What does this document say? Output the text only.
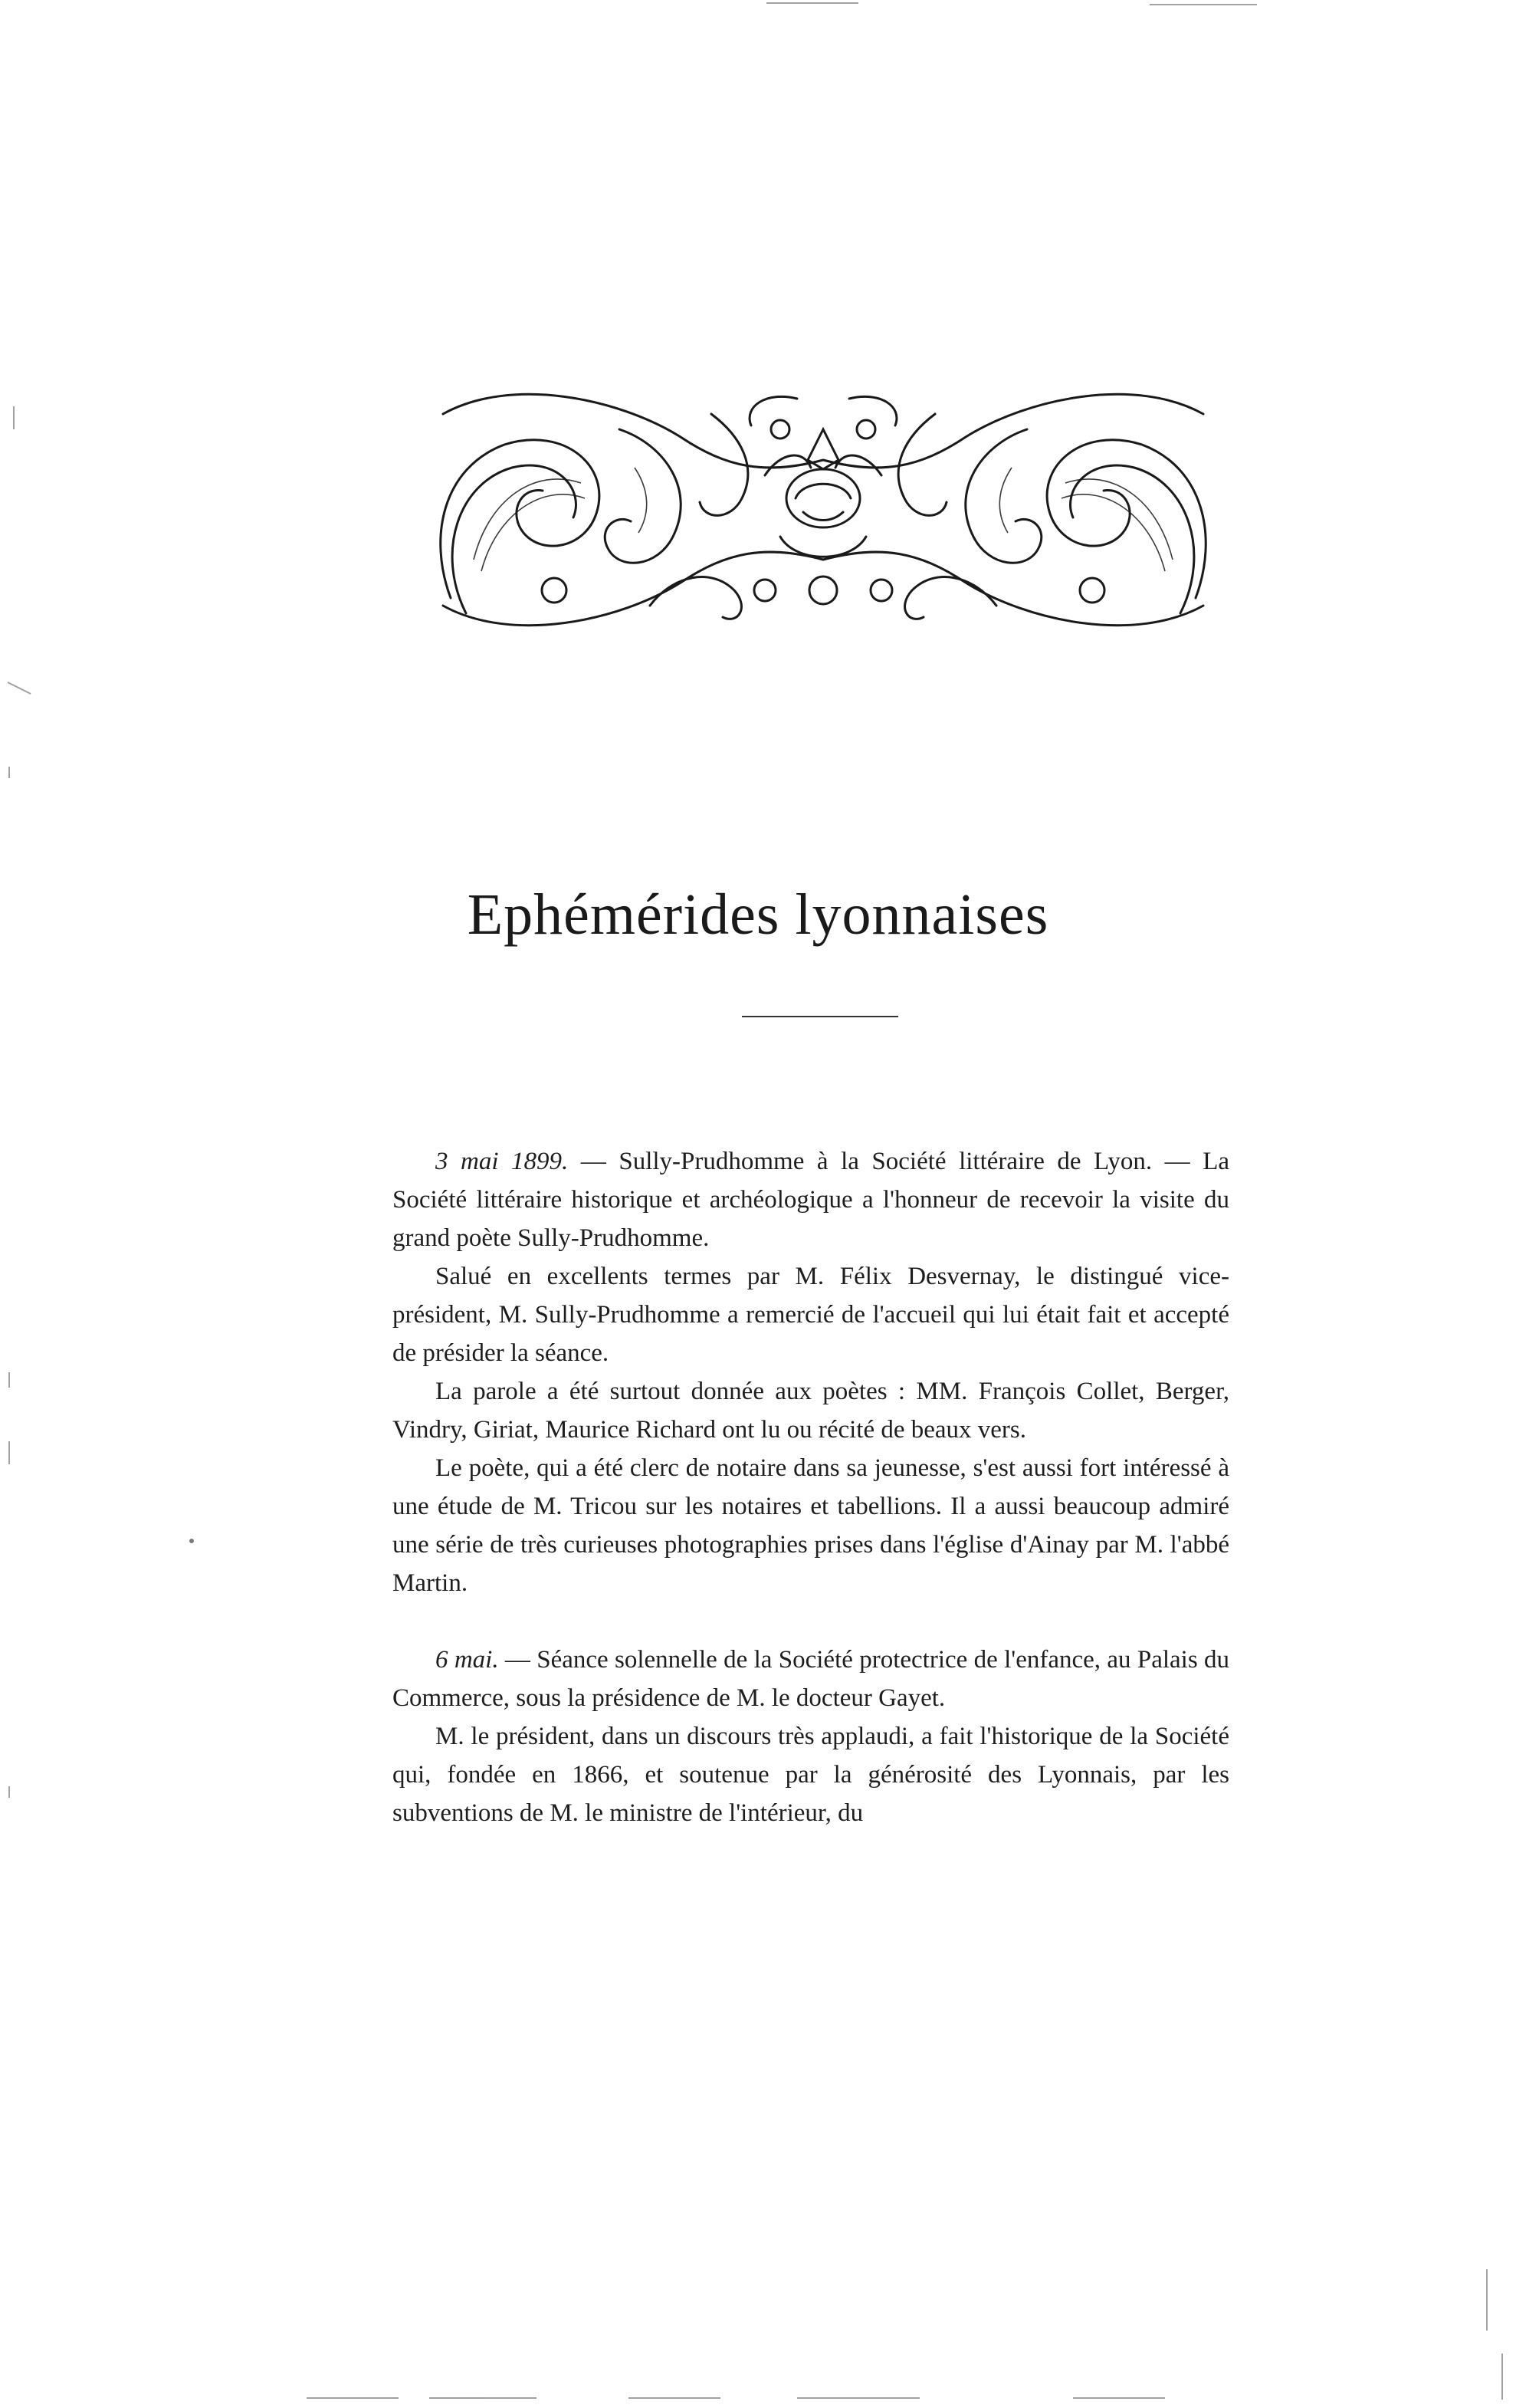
Ephémérides lyonnaises

3 mai 1899. — Sully-Prudhomme à la Société littéraire de Lyon. — La Société littéraire historique et archéologique a l'honneur de recevoir la visite du grand poète Sully-Prudhomme.

Salué en excellents termes par M. Félix Desvernay, le distingué vice-président, M. Sully-Prudhomme a remercié de l'accueil qui lui était fait et accepté de présider la séance.

La parole a été surtout donnée aux poètes : MM. François Collet, Berger, Vindry, Giriat, Maurice Richard ont lu ou récité de beaux vers.

Le poète, qui a été clerc de notaire dans sa jeunesse, s'est aussi fort intéressé à une étude de M. Tricou sur les notaires et tabellions. Il a aussi beaucoup admiré une série de très curieuses photographies prises dans l'église d'Ainay par M. l'abbé Martin.

6 mai. — Séance solennelle de la Société protectrice de l'enfance, au Palais du Commerce, sous la présidence de M. le docteur Gayet.

M. le président, dans un discours très applaudi, a fait l'historique de la Société qui, fondée en 1866, et soutenue par la générosité des Lyonnais, par les subventions de M. le ministre de l'intérieur, du
